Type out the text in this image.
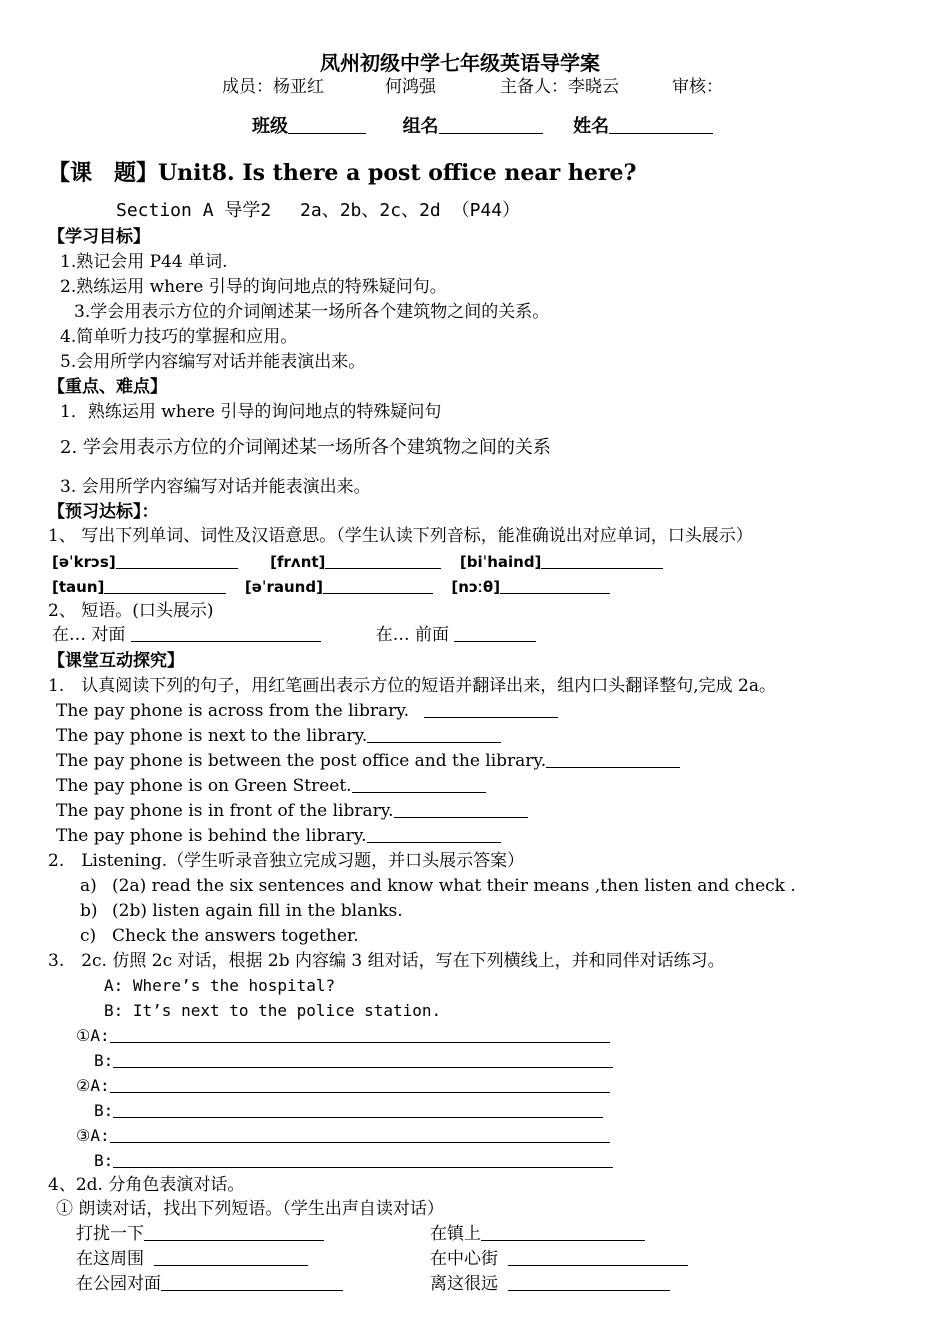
凤州初级中学七年级英语导学案
成员：杨亚红	何鸿强	主备人：李晓云	审核：
班级	组名	姓名
【课　题】Unit8. Is there a post office near here?
Section A 导学2　 2a、2b、2c、2d （P44）
【学习目标】
1.熟记会用 P44 单词.
2.熟练运用 where 引导的询问地点的特殊疑问句。
3.学会用表示方位的介词阐述某一场所各个建筑物之间的关系。
4.简单听力技巧的掌握和应用。
5.会用所学内容编写对话并能表演出来。
【重点、难点】
1．熟练运用 where 引导的询问地点的特殊疑问句
2. 学会用表示方位的介词阐述某一场所各个建筑物之间的关系
3. 会用所学内容编写对话并能表演出来。
【预习达标】：
1、 写出下列单词、词性及汉语意思。（学生认读下列音标，能准确说出对应单词，口头展示）
[əˈkrɔs]	[frʌnt]	[biˈhaind]
[taun]	[əˈraund]	[nɔːθ]
2、 短语。(口头展示)
在… 对面	在… 前面
【课堂互动探究】
1.　认真阅读下列的句子，用红笔画出表示方位的短语并翻译出来，组内口头翻译整句,完成 2a。
The pay phone is across from the library.
The pay phone is next to the library.
The pay phone is between the post office and the library.
The pay phone is on Green Street.
The pay phone is in front of the library.
The pay phone is behind the library.
2.　Listening.（学生听录音独立完成习题，并口头展示答案）
a) (2a) read the six sentences and know what their means ,then listen and check .
b) (2b) listen again fill in the blanks.
c) Check the answers together.
3.　2c. 仿照 2c 对话，根据 2b 内容编 3 组对话，写在下列横线上，并和同伴对话练习。
A: Where’s the hospital?
B: It’s next to the police station.
①A:
B:
②A:
B:
③A:
B:
4、2d. 分角色表演对话。
① 朗读对话，找出下列短语。（学生出声自读对话）
打扰一下	在镇上
在这周围	在中心街
在公园对面	离这很远
